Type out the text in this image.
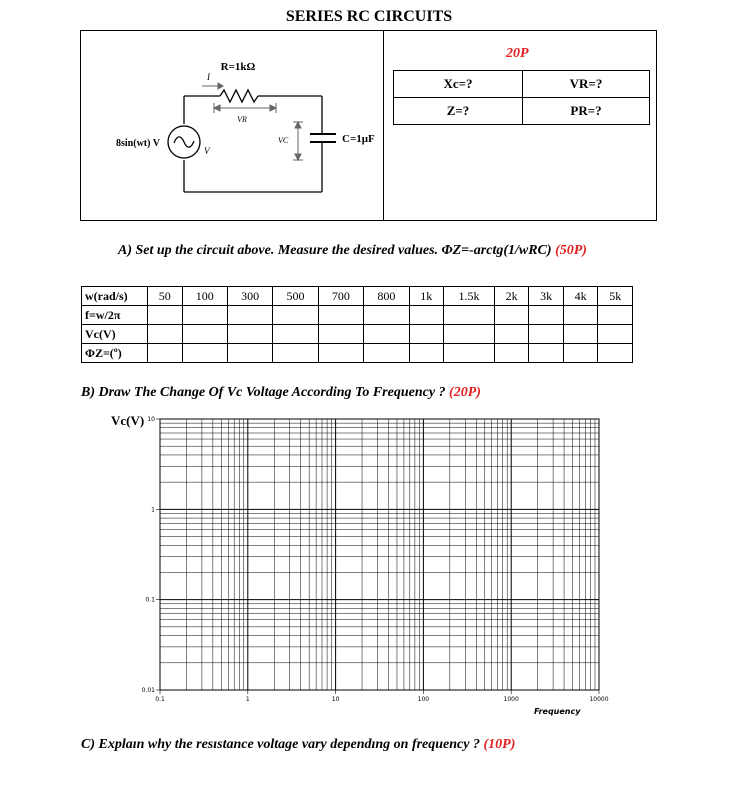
SERIES RC CIRCUITS
8sin(wt) V
V
I
R=1kΩ
VR
VC	C=1μF
20P
Xc=?	VR=?
Z=?	PR=?
A) Set up the circuit above. Measure the desired values. ΦZ=-arctg(1/wRC) (50P)
w(rad/s)	50	100	300	500	700	800	1k	1.5k	2k	3k	4k	5k
f=w/2π												
Vc(V)												
ΦZ=(º)												
B) Draw The Change Of Vc Voltage According To Frequency ? (20P)
Vc(V) 10
1
0.1
0.01
0.1	1	10	100	1000	10000
Frequency
C) Explaın why the resıstance voltage vary dependıng on frequency ? (10P)
